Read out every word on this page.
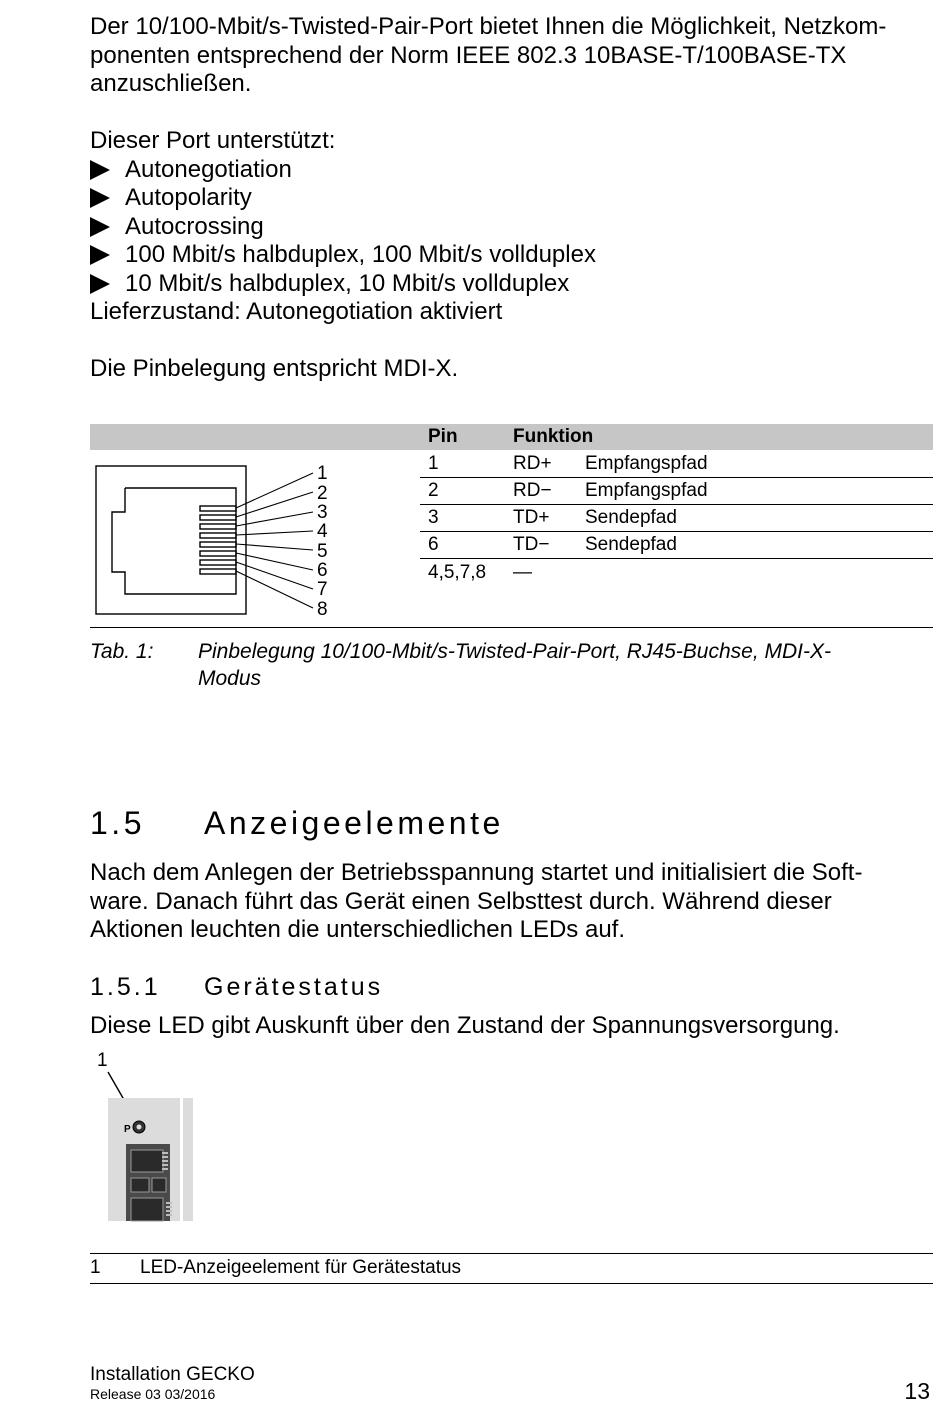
Der 10/100-Mbit/s-Twisted-Pair-Port bietet Ihnen die Möglichkeit, Netzkom-
ponenten entsprechend der Norm IEEE 802.3 10BASE-T/100BASE-TX
anzuschließen.
Dieser Port unterstützt:
Autonegotiation
Autopolarity
Autocrossing
100 Mbit/s halbduplex, 100 Mbit/s vollduplex
10 Mbit/s halbduplex, 10 Mbit/s vollduplex
Lieferzustand: Autonegotiation aktiviert
Die Pinbelegung entspricht MDI-X.
Pin	Funktion
1	RD+ Empfangspfad
2	RD− Empfangspfad
3	TD+ Sendepfad
6	TD− Sendepfad
4,5,7,8 —
1
2
3
4
5
6
7
8
Tab. 1: Pinbelegung 10/100-Mbit/s-Twisted-Pair-Port, RJ45-Buchse, MDI-X-
Modus
1.5 Anzeigeelemente
Nach dem Anlegen der Betriebsspannung startet und initialisiert die Soft-
ware. Danach führt das Gerät einen Selbsttest durch. Während dieser
Aktionen leuchten die unterschiedlichen LEDs auf.
1.5.1 Gerätestatus
Diese LED gibt Auskunft über den Zustand der Spannungsversorgung.
1
P
1 LED-Anzeigeelement für Gerätestatus
Installation GECKO
Release 03 03/2016	13
